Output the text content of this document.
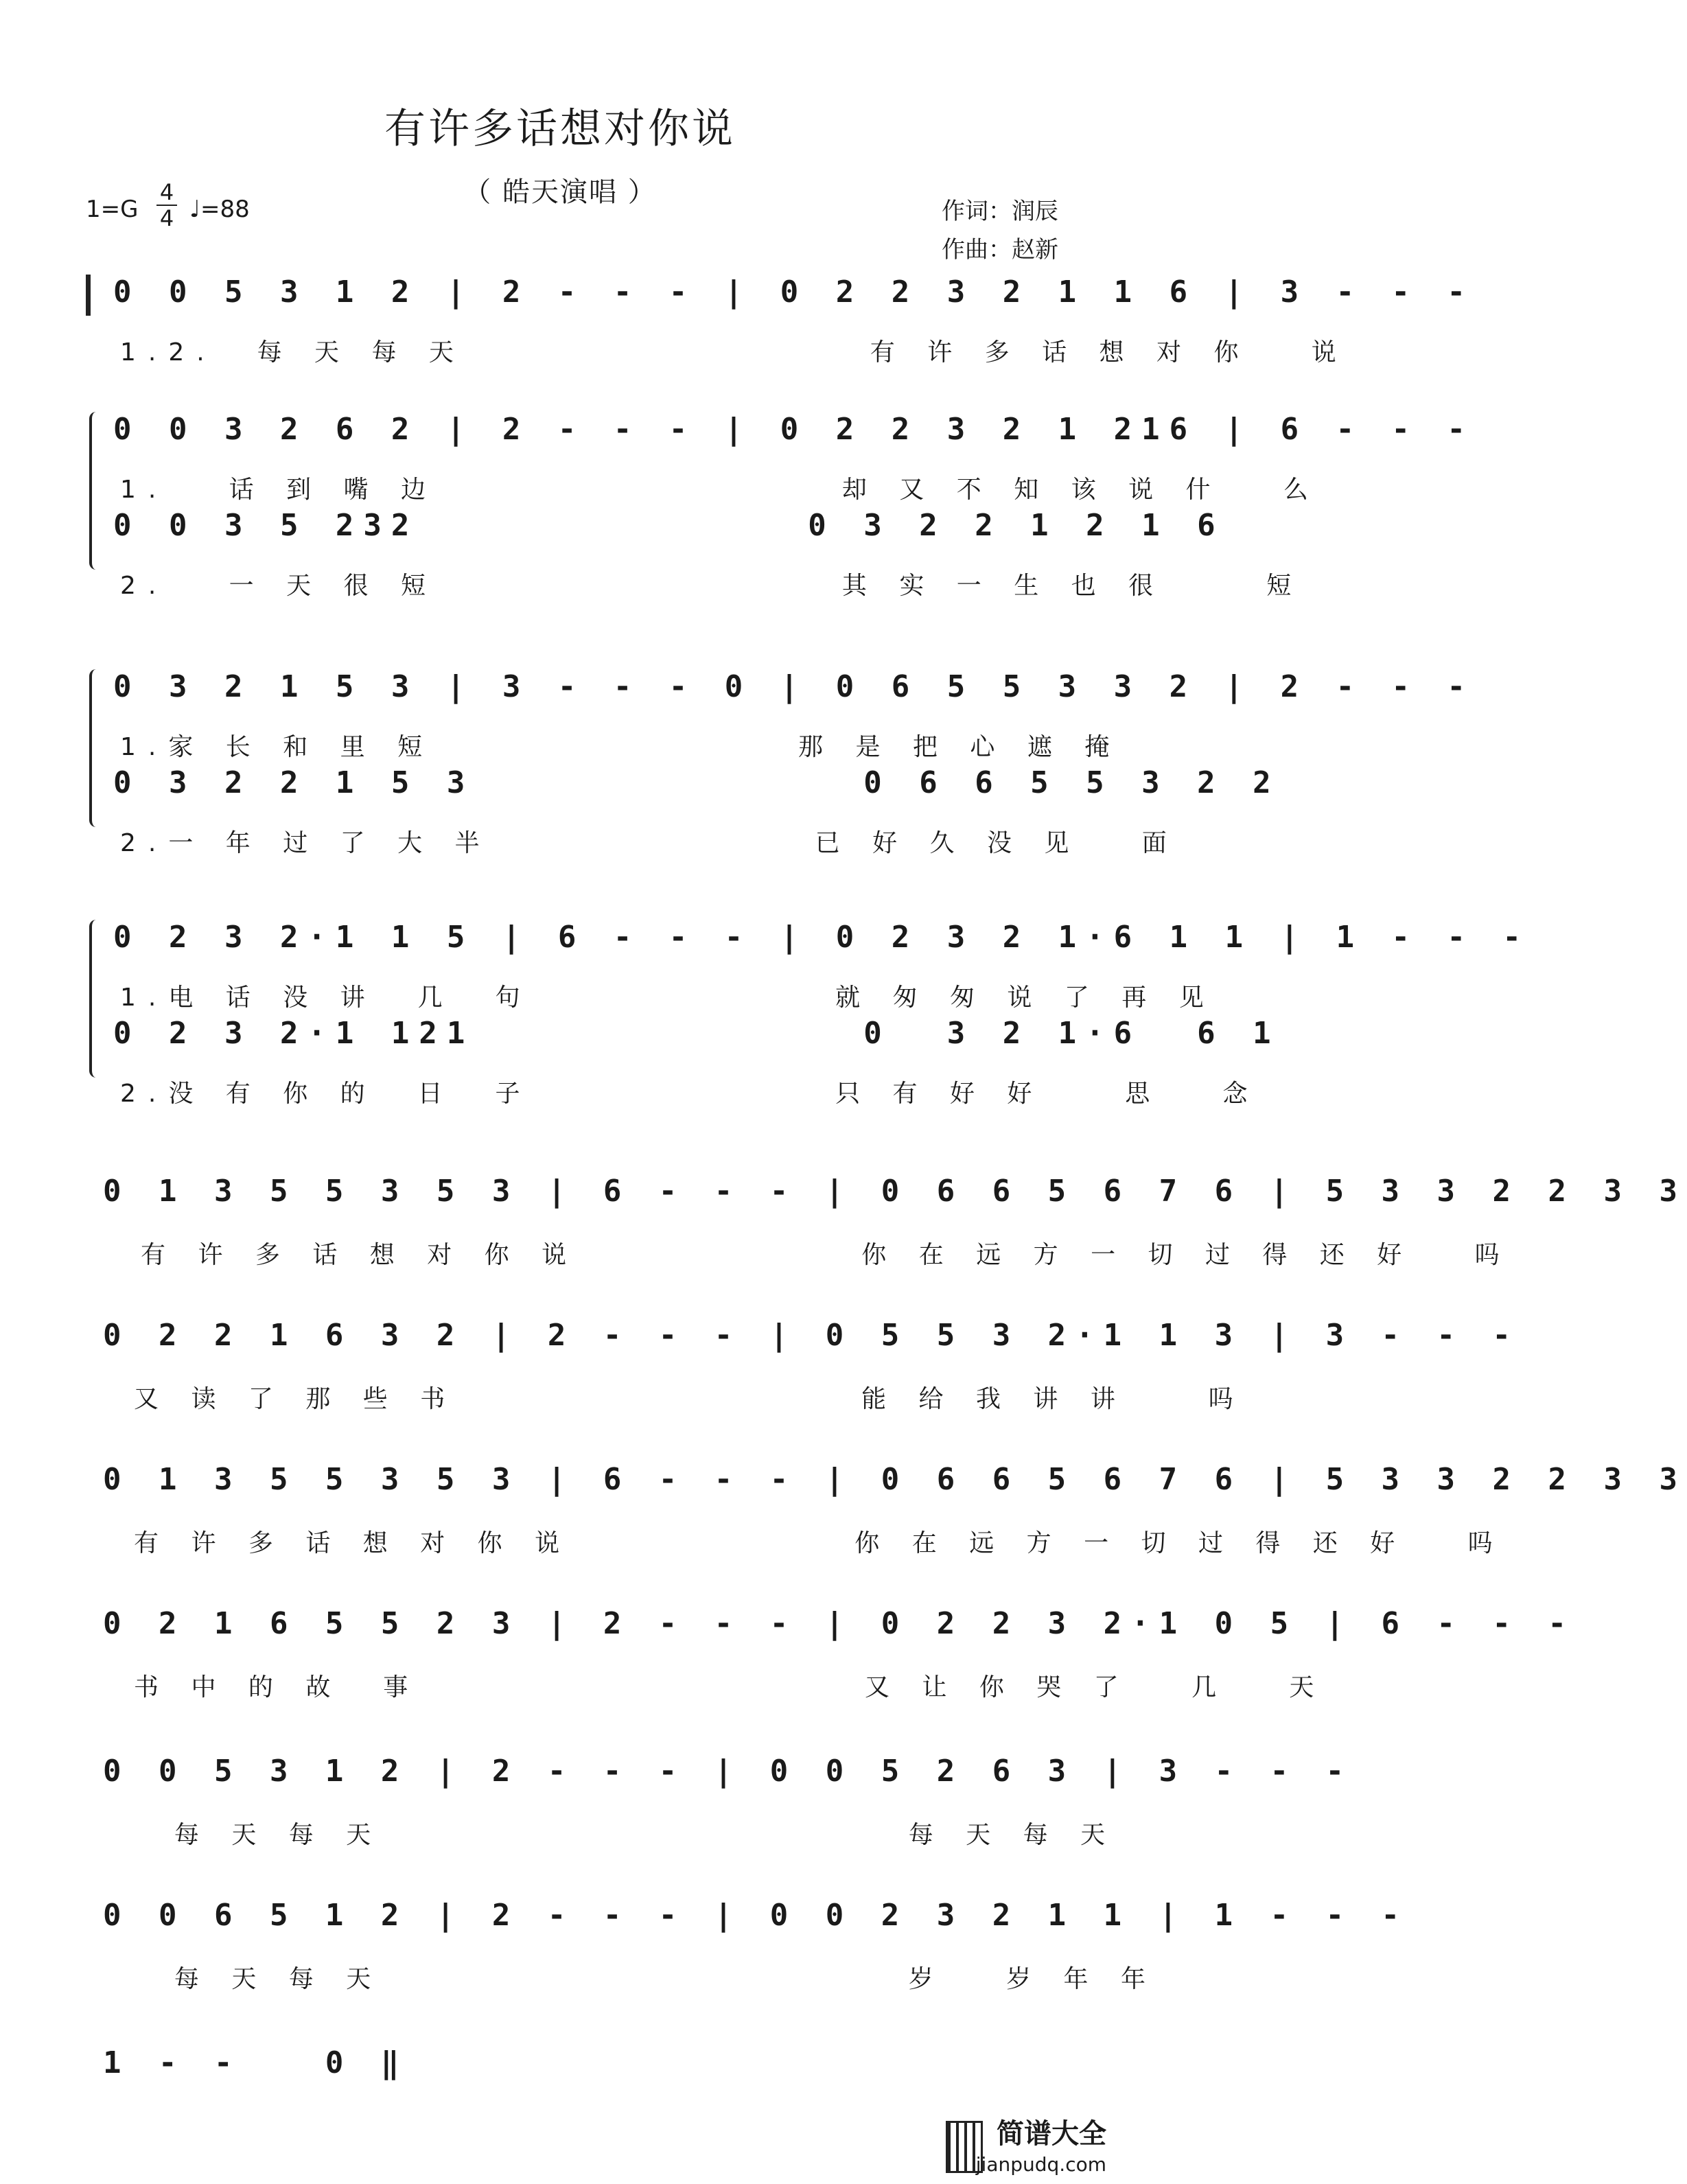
有许多话想对你说
（ 皓天演唱 ）
1=G
4
4 ♩=88	作词：润辰
作曲：赵新
0 0 5 3 1 2 | 2 - - - | 0 2 2 3 2 1 1 6 | 3 - - -
1.2.  每 天 每 天                    有 许 多 话 想 对 你   说
0 0 3 2 6 2 | 2 - - - | 0 2 2 3 2 1 216 | 6 - - -
1.   话 到 嘴 边                    却 又 不 知 该 说 什   么
0 0 3 5 232              0 3 2 2 1 2 1 6
2.   一 天 很 短                    其 实 一 生 也 很     短
0 3 2 1 5 3 | 3 - - - 0 | 0 6 5 5 3 3 2 | 2 - - -
1.家 长 和 里 短                  那 是 把 心 遮 掩
0 3 2 2 1 5 3              0 6 6 5 5 3 2 2
2.一 年 过 了 大 半                已 好 久 没 见   面
0 2 3 2·1 1 5 | 6 - - - | 0 2 3 2 1·6 1 1 | 1 - - -
1.电 话 没 讲  几  句               就 匆 匆 说 了 再 见
0 2 3 2·1 121              0  3 2 1·6  6 1
2.没 有 你 的  日  子               只 有 好 好    思   念
0 1 3 5 5 3 5 3 | 6 - - - | 0 6 6 5 6 7 6 | 5 3 3 2 2 3 3
有 许 多 话 想 对 你 说              你 在 远 方 一 切 过 得 还 好   吗
0 2 2 1 6 3 2 | 2 - - - | 0 5 5 3 2·1 1 3 | 3 - - -
又 读 了 那 些 书                    能 给 我 讲 讲    吗
0 1 3 5 5 3 5 3 | 6 - - - | 0 6 6 5 6 7 6 | 5 3 3 2 2 3 3
有 许 多 话 想 对 你 说              你 在 远 方 一 切 过 得 还 好   吗
0 2 1 6 5 5 2 3 | 2 - - - | 0 2 2 3 2·1 0 5 | 6 - - -
书 中 的 故  事                      又 让 你 哭 了   几   天
0 0 5 3 1 2 | 2 - - - | 0 0 5 2 6 3 | 3 - - -
每 天 每 天                          每 天 每 天
0 0 6 5 1 2 | 2 - - - | 0 0 2 3 2 1 1 | 1 - - -
每 天 每 天                          岁   岁 年 年
1 - -   0 ‖
简谱大全
jianpudq.com
